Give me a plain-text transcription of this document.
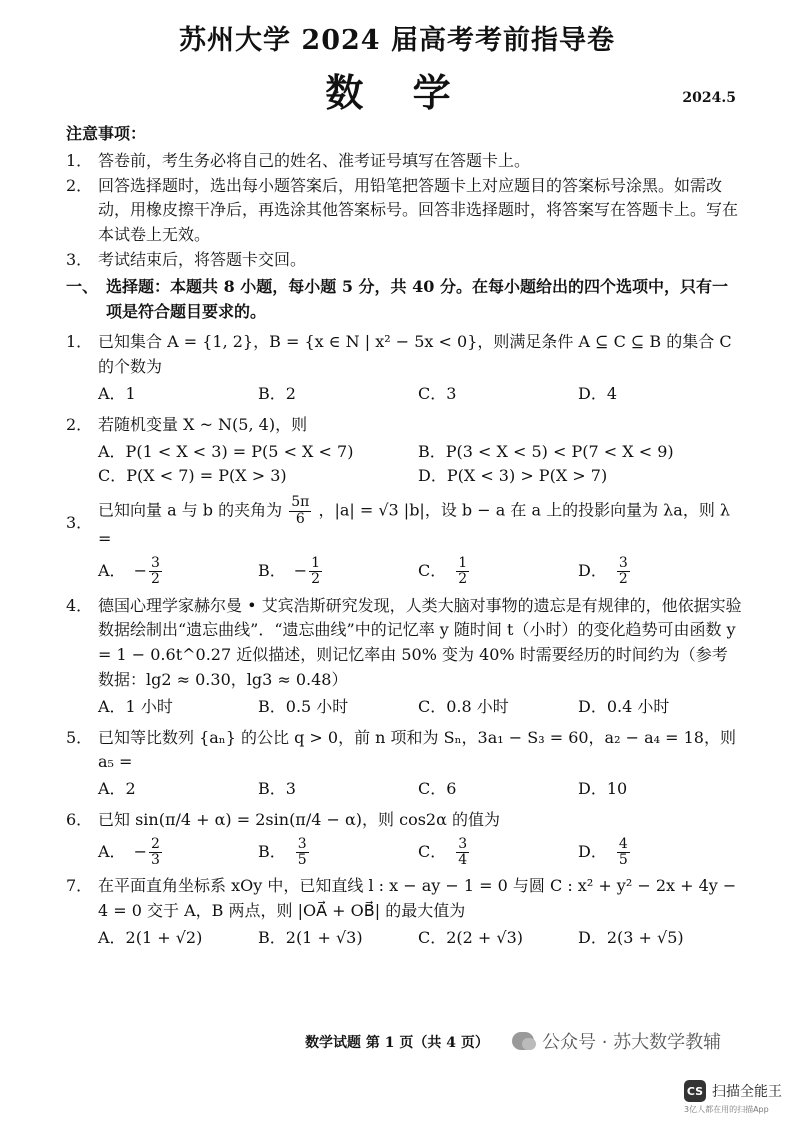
苏州大学 2024 届高考考前指导卷
数 学	2024.5
注意事项：
1． 答卷前，考生务必将自己的姓名、准考证号填写在答题卡上。
2． 回答选择题时，选出每小题答案后，用铅笔把答题卡上对应题目的答案标号涂黑。如需改动，用橡皮擦干净后，再选涂其他答案标号。回答非选择题时，将答案写在答题卡上。写在本试卷上无效。
3． 考试结束后，将答题卡交回。
一、 选择题：本题共 8 小题，每小题 5 分，共 40 分。在每小题给出的四个选项中，只有一项是符合题目要求的。
1． 已知集合 A = {1, 2}，B = {x ∈ N | x² − 5x < 0}，则满足条件 A ⊆ C ⊆ B 的集合 C 的个数为
A．1	B．2	C．3	D．4
2． 若随机变量 X ~ N(5, 4)，则
A．P(1 < X < 3) = P(5 < X < 7)	B．P(3 < X < 5) < P(7 < X < 9)
C．P(X < 7) = P(X > 3)	D．P(X < 3) > P(X > 7)
3．
已知向量 a 与 b 的夹角为 $\frac{5\pi}{6}$ ，|a| = √3 |b|，设 b − a 在 a 上的投影向量为 λa，则 λ =
A． − $\frac{3}{2}$	B． − $\frac{1}{2}$	C． $\frac{1}{2}$	D． $\frac{3}{2}$
4． 德国心理学家赫尔曼 • 艾宾浩斯研究发现，人类大脑对事物的遗忘是有规律的，他依据实验数据绘制出“遗忘曲线”．“遗忘曲线”中的记忆率 y 随时间 t（小时）的变化趋势可由函数 y = 1 − 0.6t^0.27 近似描述，则记忆率由 50% 变为 40% 时需要经历的时间约为（参考数据：lg2 ≈ 0.30，lg3 ≈ 0.48）
A．1 小时	B．0.5 小时	C．0.8 小时	D．0.4 小时
5． 已知等比数列 {aₙ} 的公比 q > 0，前 n 项和为 Sₙ，3a₁ − S₃ = 60，a₂ − a₄ = 18，则 a₅ =
A．2	B．3	C．6	D．10
6． 已知 sin(π/4 + α) = 2sin(π/4 − α)，则 cos2α 的值为
A． − $\frac{2}{3}$	B． $\frac{3}{5}$	C． $\frac{3}{4}$	D． $\frac{4}{5}$
7． 在平面直角坐标系 xOy 中，已知直线 l : x − ay − 1 = 0 与圆 C : x² + y² − 2x + 4y − 4 = 0 交于 A，B 两点，则 |OA⃗ + OB⃗| 的最大值为
A．2(1 + √2)	B．2(1 + √3)	C．2(2 + √3)	D．2(3 + √5)
数学试题 第 1 页（共 4 页）	公众号 · 苏大数学教辅
CS 扫描全能王
3亿人都在用的扫描App
